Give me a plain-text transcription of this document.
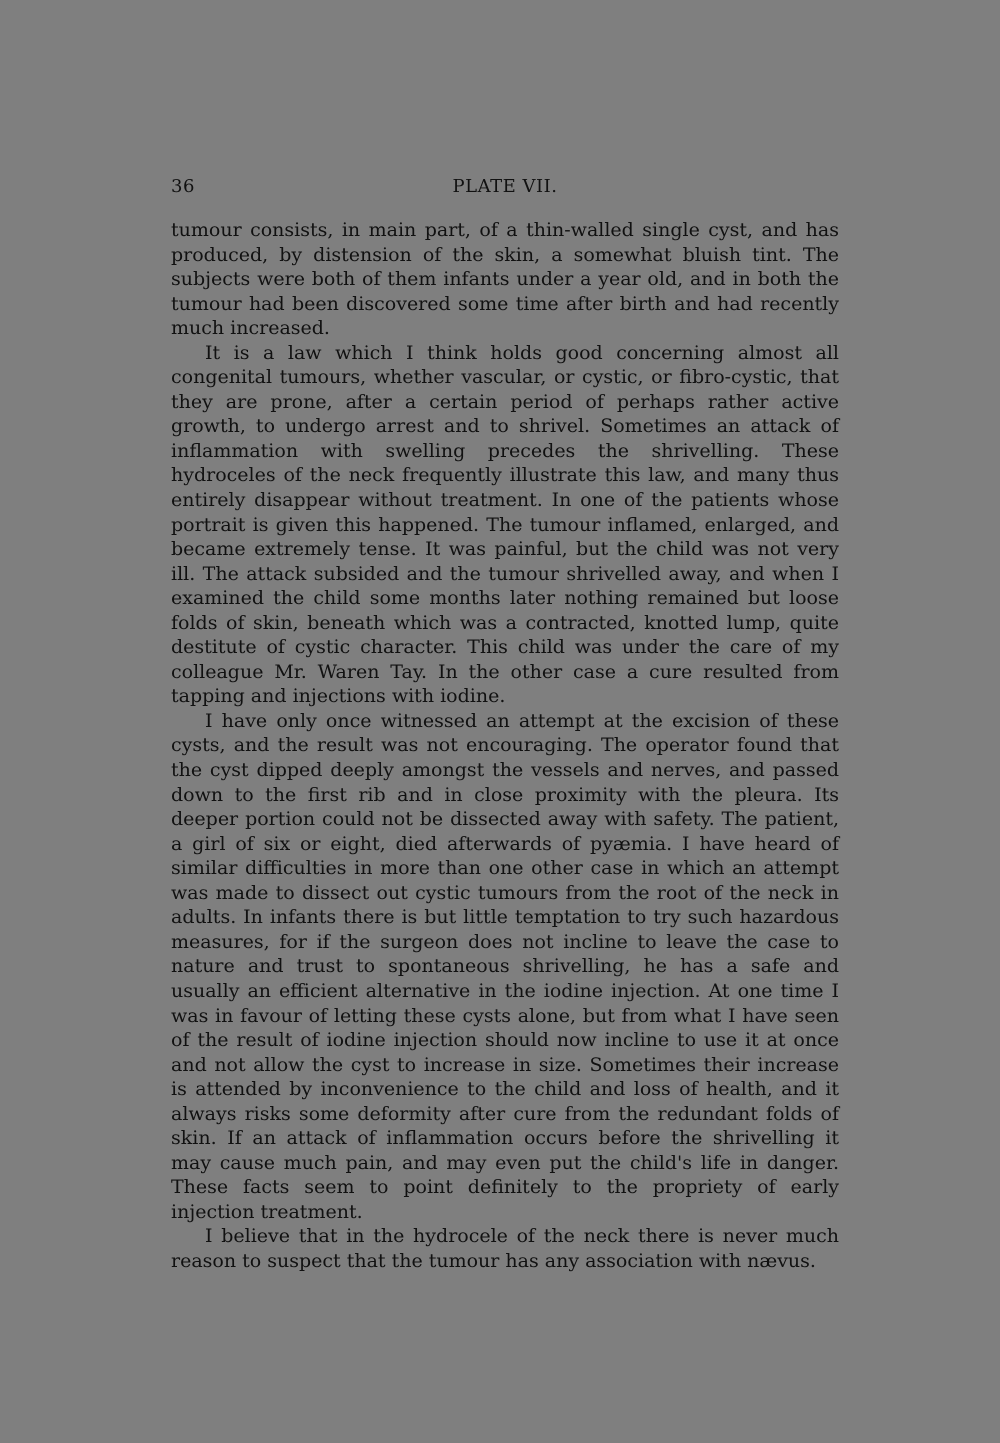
36	PLATE VII.

tumour consists, in main part, of a thin-walled single cyst, and has produced, by distension of the skin, a somewhat bluish tint. The subjects were both of them infants under a year old, and in both the tumour had been discovered some time after birth and had recently much increased.

It is a law which I think holds good concerning almost all congenital tumours, whether vascular, or cystic, or fibro-cystic, that they are prone, after a certain period of perhaps rather active growth, to undergo arrest and to shrivel. Sometimes an attack of inflammation with swelling precedes the shrivelling. These hydroceles of the neck frequently illustrate this law, and many thus entirely disappear without treatment. In one of the patients whose portrait is given this happened. The tumour inflamed, enlarged, and became extremely tense. It was painful, but the child was not very ill. The attack subsided and the tumour shrivelled away, and when I examined the child some months later nothing remained but loose folds of skin, beneath which was a contracted, knotted lump, quite destitute of cystic character. This child was under the care of my colleague Mr. Waren Tay. In the other case a cure resulted from tapping and injections with iodine.

I have only once witnessed an attempt at the excision of these cysts, and the result was not encouraging. The operator found that the cyst dipped deeply amongst the vessels and nerves, and passed down to the first rib and in close proximity with the pleura. Its deeper portion could not be dissected away with safety. The patient, a girl of six or eight, died afterwards of pyæmia. I have heard of similar difficulties in more than one other case in which an attempt was made to dissect out cystic tumours from the root of the neck in adults. In infants there is but little temptation to try such hazardous measures, for if the surgeon does not incline to leave the case to nature and trust to spontaneous shrivelling, he has a safe and usually an efficient alternative in the iodine injection. At one time I was in favour of letting these cysts alone, but from what I have seen of the result of iodine injection should now incline to use it at once and not allow the cyst to increase in size. Sometimes their increase is attended by inconvenience to the child and loss of health, and it always risks some deformity after cure from the redundant folds of skin. If an attack of inflammation occurs before the shrivelling it may cause much pain, and may even put the child's life in danger. These facts seem to point definitely to the propriety of early injection treatment.

I believe that in the hydrocele of the neck there is never much reason to suspect that the tumour has any association with nævus.
